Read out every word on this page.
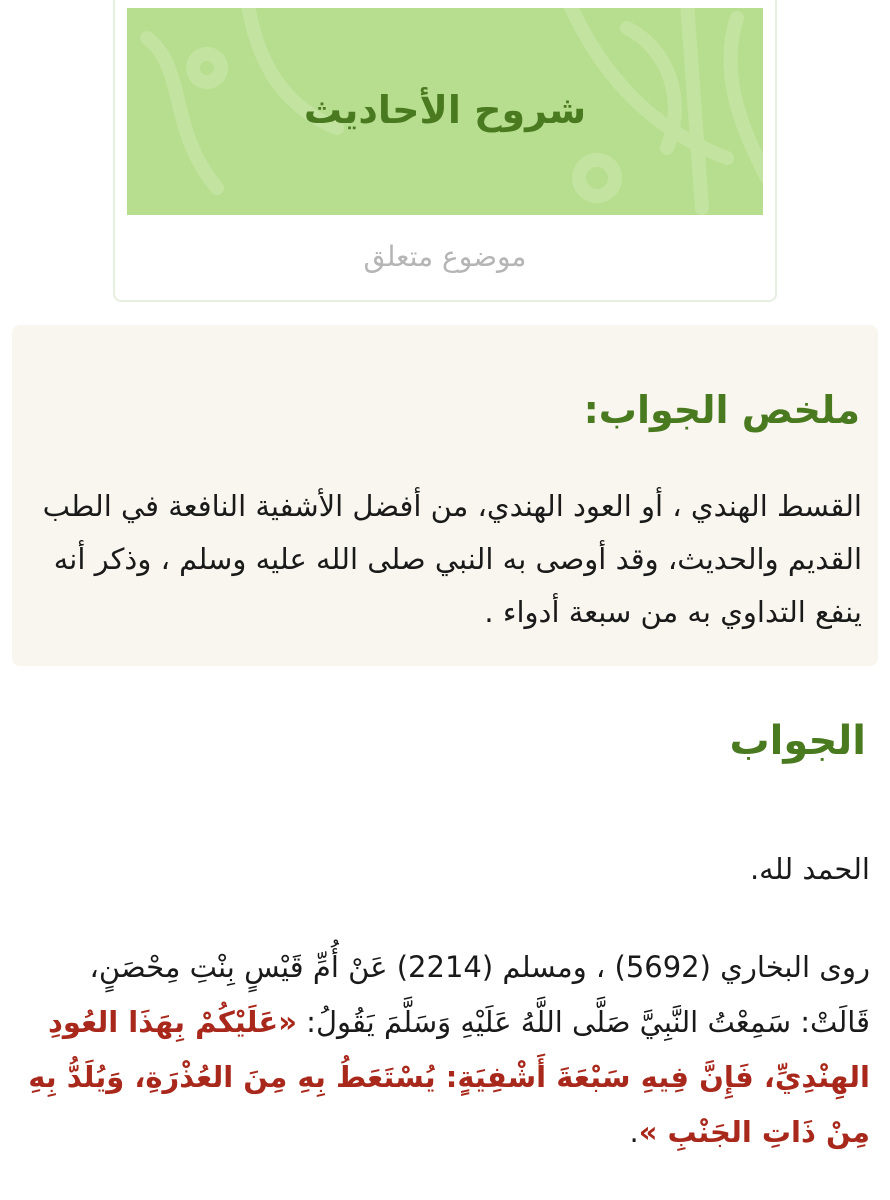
شروح الأحاديث
موضوع متعلق
ملخص الجواب:
القسط الهندي ، أو العود الهندي، من أفضل الأشفية النافعة في الطب القديم والحديث، وقد أوصى به النبي صلى الله عليه وسلم ، وذكر أنه ينفع التداوي به من سبعة أدواء .
الجواب
الحمد لله.
روى البخاري (5692) ، ومسلم (2214) عَنْ أُمِّ قَيْسٍ بِنْتِ مِحْصَنٍ، قَالَتْ: سَمِعْتُ النَّبِيَّ صَلَّى اللَّهُ عَلَيْهِ وَسَلَّمَ يَقُولُ: «عَلَيْكُمْ بِهَذَا العُودِ الهِنْدِيِّ، فَإِنَّ فِيهِ سَبْعَةَ أَشْفِيَةٍ: يُسْتَعَطُ بِهِ مِنَ العُذْرَةِ، وَيُلَدُّ بِهِ مِنْ ذَاتِ الجَنْبِ ».
